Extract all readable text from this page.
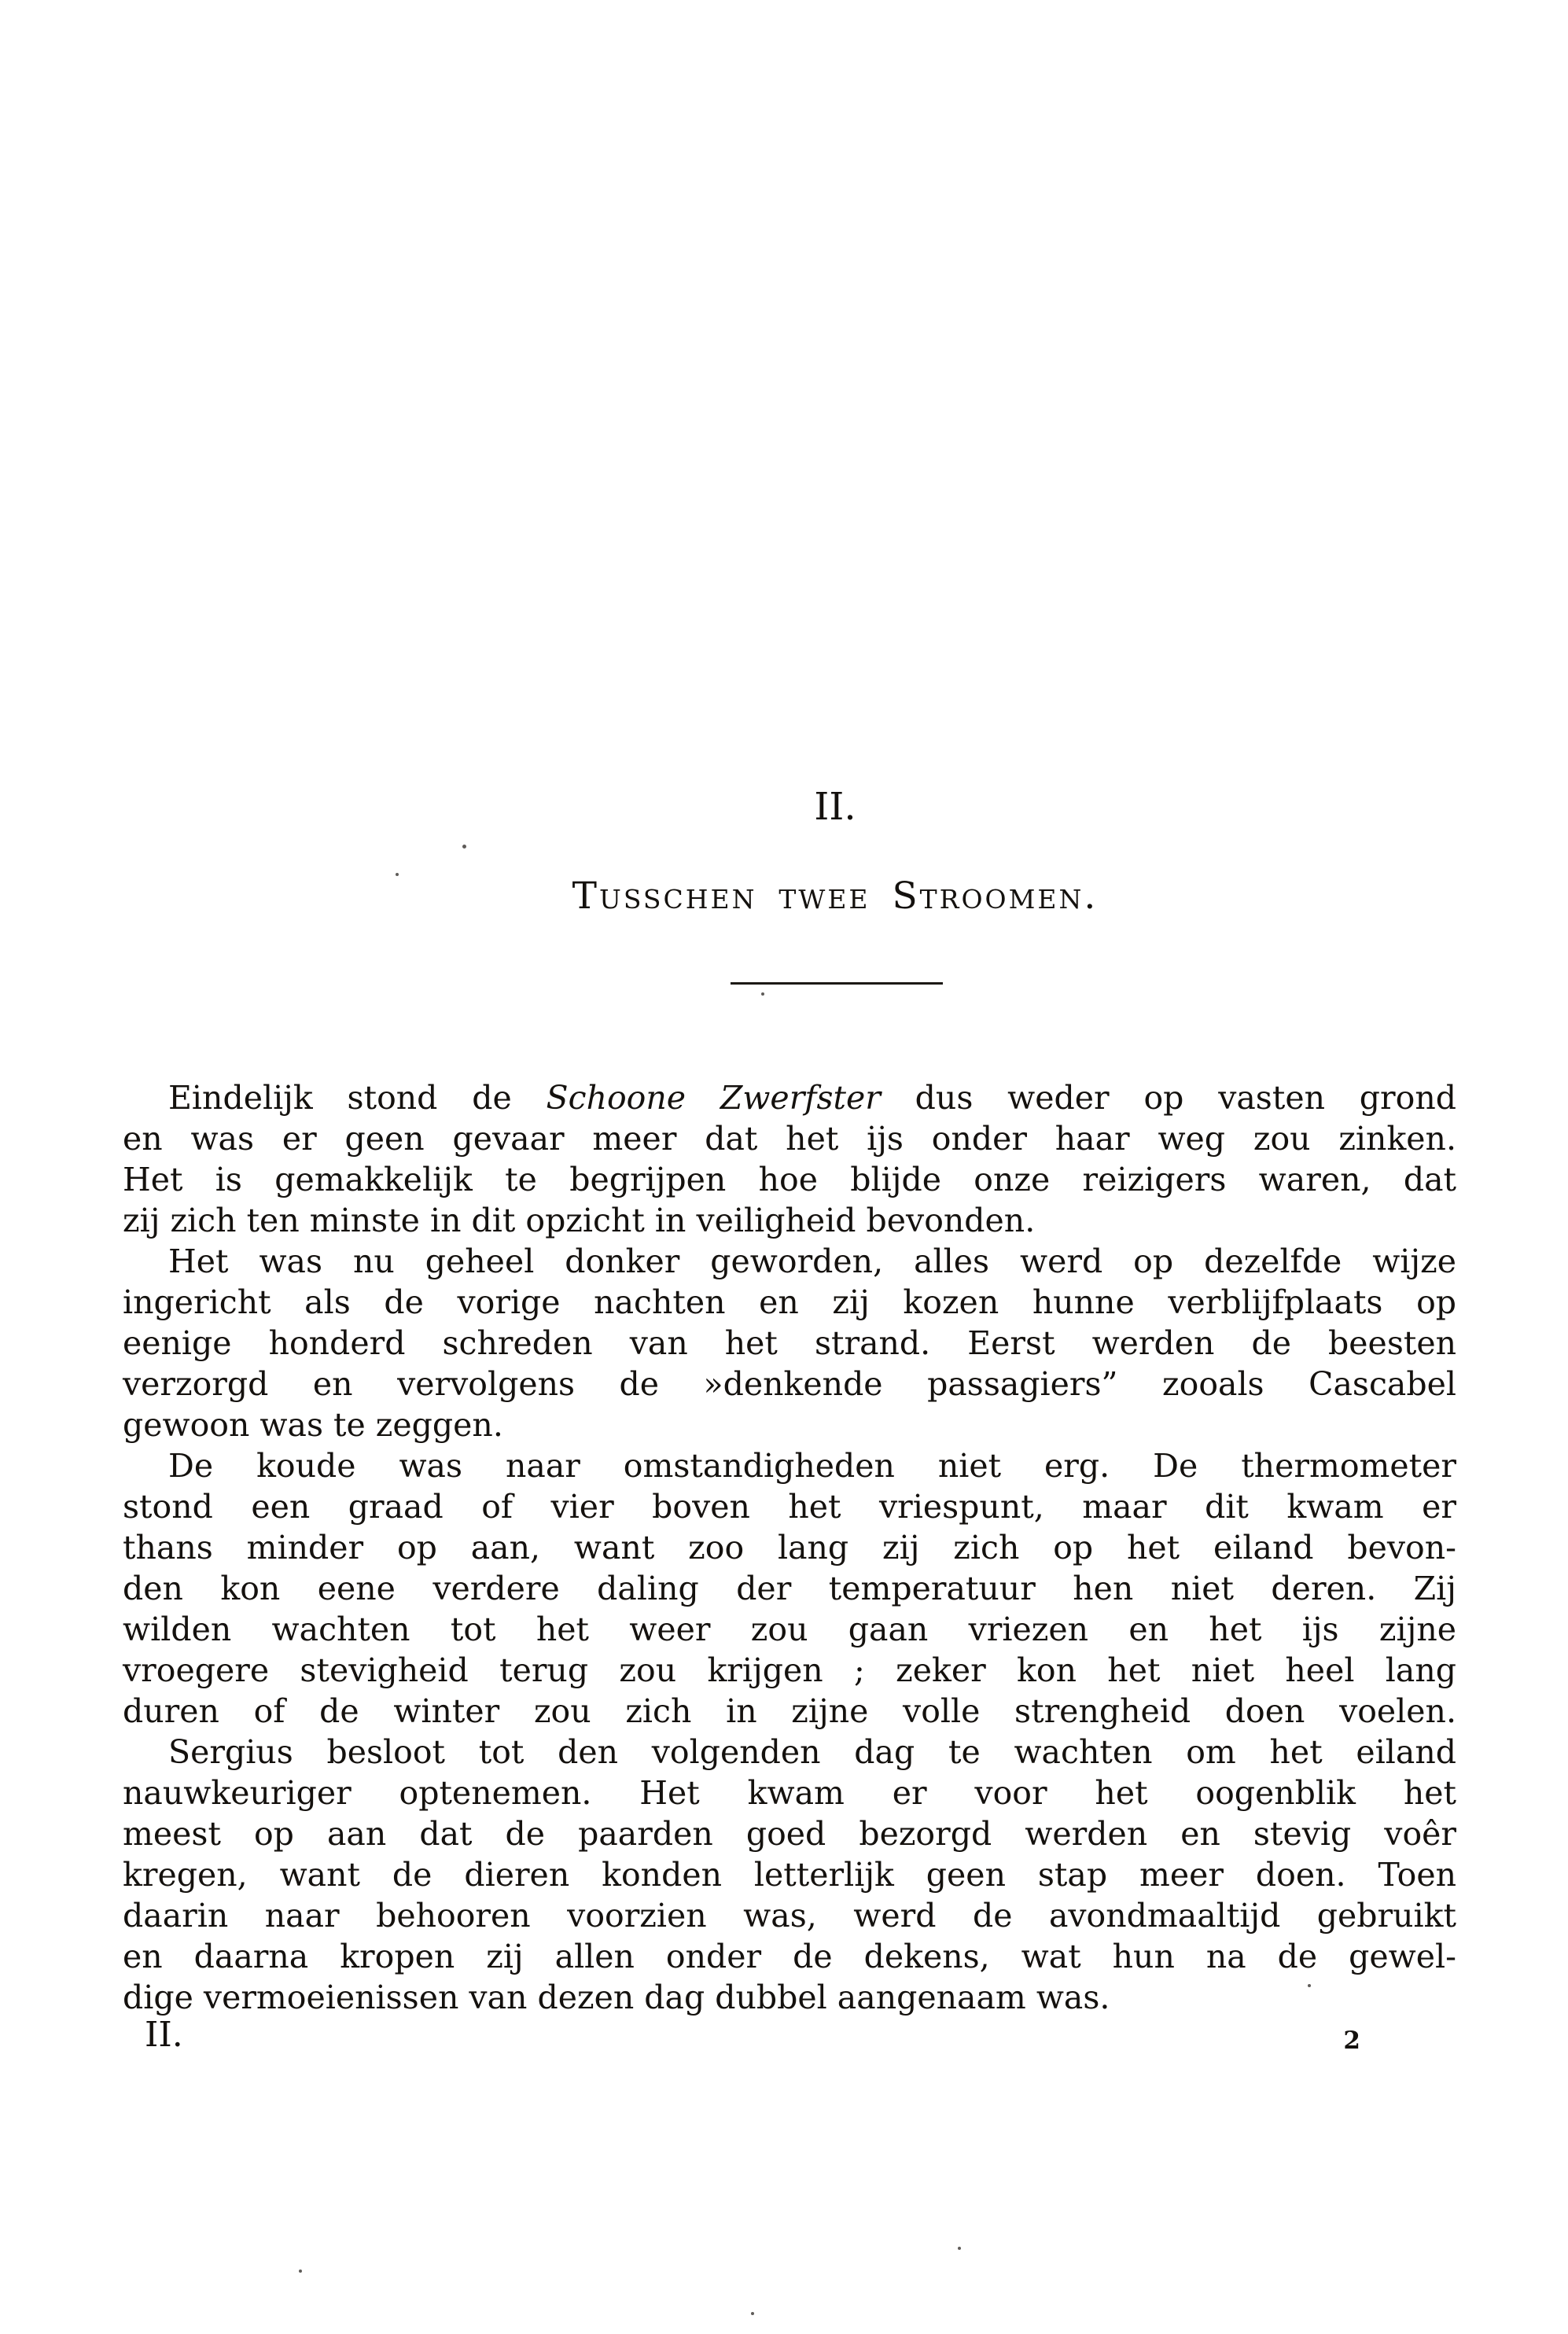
II.
Tusschen twee Stroomen.
Eindelijk stond de Schoone Zwerfster dus weder op vasten grond
en was er geen gevaar meer dat het ijs onder haar weg zou zinken.
Het is gemakkelijk te begrijpen hoe blijde onze reizigers waren, dat
zij zich ten minste in dit opzicht in veiligheid bevonden.
Het was nu geheel donker geworden, alles werd op dezelfde wijze
ingericht als de vorige nachten en zij kozen hunne verblijfplaats op
eenige honderd schreden van het strand. Eerst werden de beesten
verzorgd en vervolgens de »denkende passagiers” zooals Cascabel
gewoon was te zeggen.
De koude was naar omstandigheden niet erg. De thermometer
stond een graad of vier boven het vriespunt, maar dit kwam er
thans minder op aan, want zoo lang zij zich op het eiland bevon-
den kon eene verdere daling der temperatuur hen niet deren. Zij
wilden wachten tot het weer zou gaan vriezen en het ijs zijne
vroegere stevigheid terug zou krijgen ; zeker kon het niet heel lang
duren of de winter zou zich in zijne volle strengheid doen voelen.
Sergius besloot tot den volgenden dag te wachten om het eiland
nauwkeuriger optenemen. Het kwam er voor het oogenblik het
meest op aan dat de paarden goed bezorgd werden en stevig voêr
kregen, want de dieren konden letterlijk geen stap meer doen. Toen
daarin naar behooren voorzien was, werd de avondmaaltijd gebruikt
en daarna kropen zij allen onder de dekens, wat hun na de gewel-
dige vermoeienissen van dezen dag dubbel aangenaam was.
II.	2
